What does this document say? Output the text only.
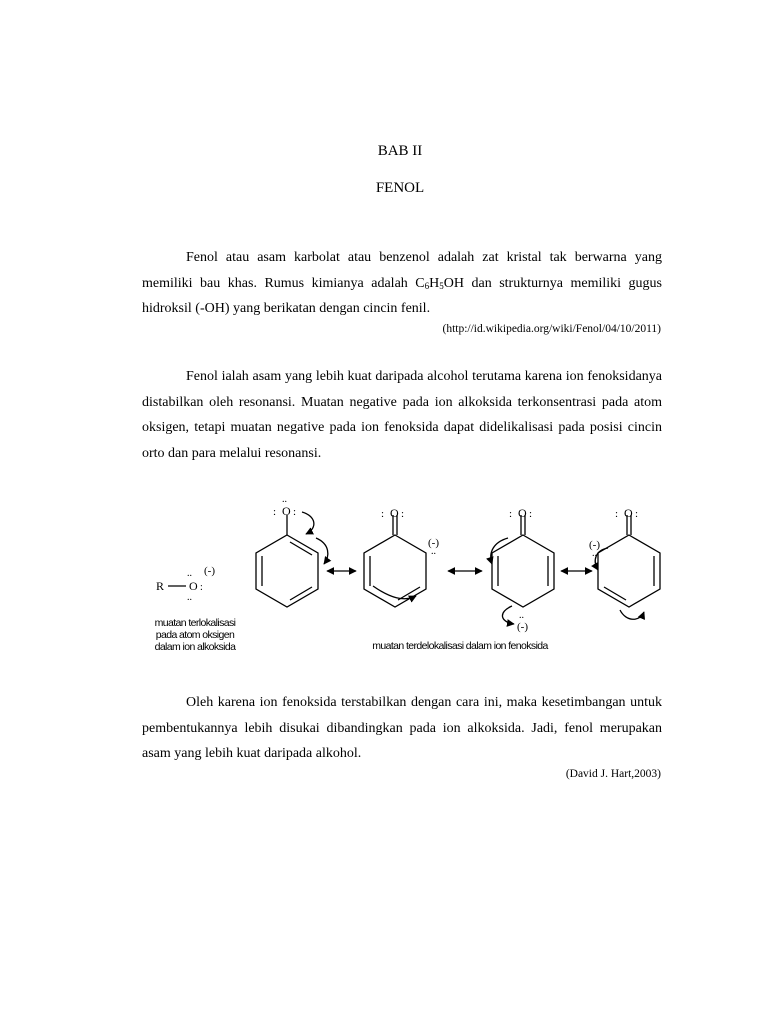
BAB II
FENOL

Fenol atau asam karbolat atau benzenol adalah zat kristal tak berwarna yang memiliki bau khas. Rumus kimianya adalah $C_6H_5OH$ dan strukturnya memiliki gugus hidroksil (-OH) yang berikatan dengan cincin fenil.

(http://id.wikipedia.org/wiki/Fenol/04/10/2011)

Fenol ialah asam yang lebih kuat daripada alcohol terutama karena ion fenoksidanya distabilkan oleh resonansi. Muatan negative pada ion alkoksida terkonsentrasi pada atom oksigen, tetapi muatan negative pada ion fenoksida dapat didelikalisasi pada posisi cincin orto dan para melalui resonansi.

R O
..
:
..
(-)
O
..
: :	O
: :
(-)
..
O
: :
..
(-)
O
: :
(-)
..
muatan terlokalisasi
pada atom oksigen
dalam ion alkoksida	muatan terdelokalisasi dalam ion fenoksida

Oleh karena ion fenoksida terstabilkan dengan cara ini, maka kesetimbangan untuk pembentukannya lebih disukai dibandingkan pada ion alkoksida. Jadi, fenol merupakan asam yang lebih kuat daripada alkohol.

(David J. Hart,2003)
